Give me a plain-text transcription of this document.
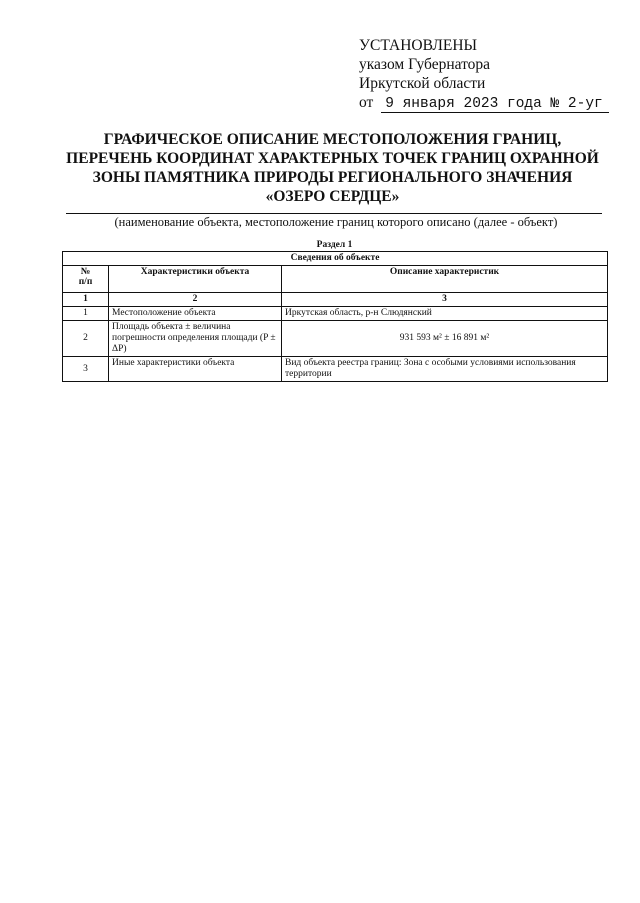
УСТАНОВЛЕНЫ
указом Губернатора
Иркутской области
от 9 января 2023 года № 2-уг
ГРАФИЧЕСКОЕ ОПИСАНИЕ МЕСТОПОЛОЖЕНИЯ ГРАНИЦ,
ПЕРЕЧЕНЬ КООРДИНАТ ХАРАКТЕРНЫХ ТОЧЕК ГРАНИЦ ОХРАННОЙ
ЗОНЫ ПАМЯТНИКА ПРИРОДЫ РЕГИОНАЛЬНОГО ЗНАЧЕНИЯ
«ОЗЕРО СЕРДЦЕ»
(наименование объекта, местоположение границ которого описано (далее - объект)
Раздел 1
Сведения об объекте		
№
п/п	Характеристики объекта	Описание характеристик
1	2	3
1	Местоположение объекта	Иркутская область, р-н Слюдянский
2	Площадь объекта ± величина погрешности определения площади (P ± ΔP)	931 593 м² ± 16 891 м²
3	Иные характеристики объекта	Вид объекта реестра границ: Зона с особыми условиями использования территории
